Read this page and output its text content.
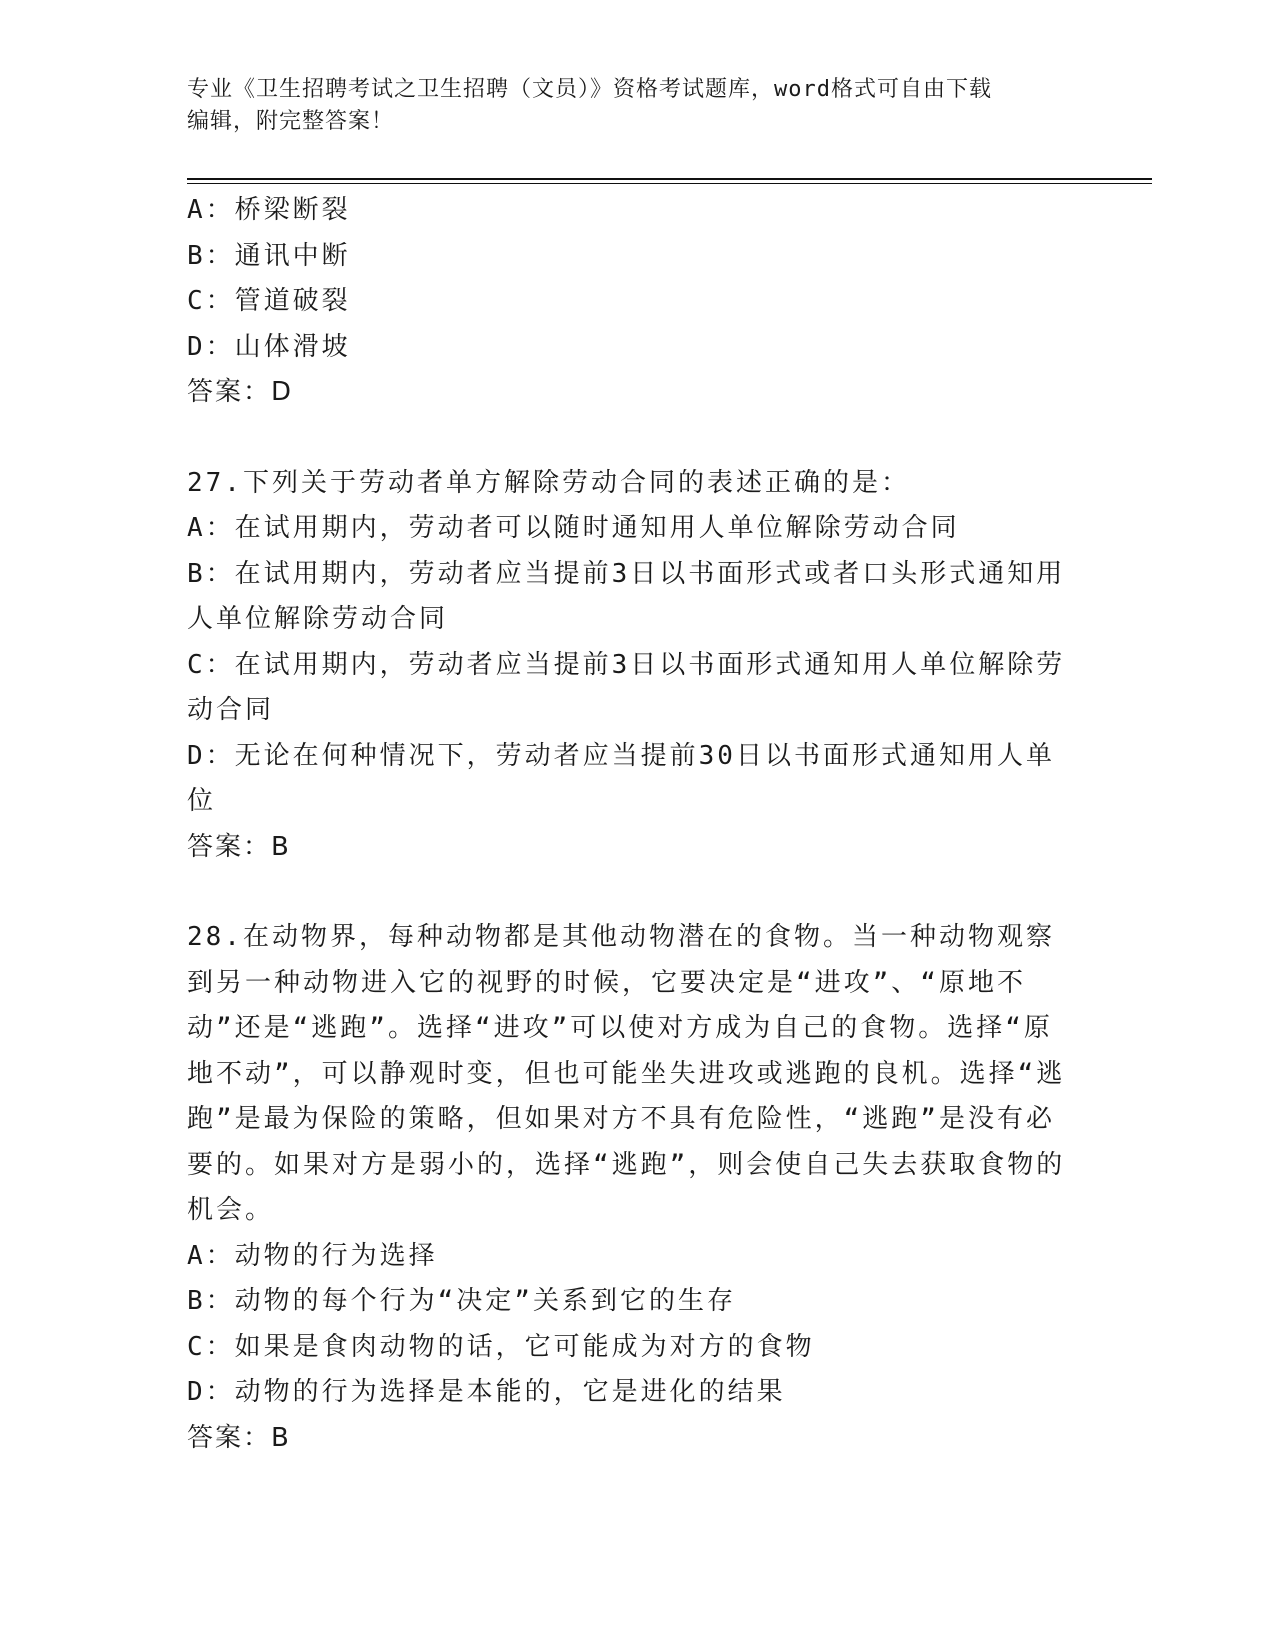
专业《卫生招聘考试之卫生招聘（文员）》资格考试题库，word格式可自由下载
编辑，附完整答案！

A：桥梁断裂

B：通讯中断

C：管道破裂

D：山体滑坡

答案：D

27.下列关于劳动者单方解除劳动合同的表述正确的是：

A：在试用期内，劳动者可以随时通知用人单位解除劳动合同

B：在试用期内，劳动者应当提前3日以书面形式或者口头形式通知用人单位解除劳动合同

C：在试用期内，劳动者应当提前3日以书面形式通知用人单位解除劳动合同

D：无论在何种情况下，劳动者应当提前30日以书面形式通知用人单位

答案：B

28.在动物界，每种动物都是其他动物潜在的食物。当一种动物观察到另一种动物进入它的视野的时候，它要决定是“进攻”、“原地不动”还是“逃跑”。选择“进攻”可以使对方成为自己的食物。选择“原地不动”，可以静观时变，但也可能坐失进攻或逃跑的良机。选择“逃跑”是最为保险的策略，但如果对方不具有危险性，“逃跑”是没有必要的。如果对方是弱小的，选择“逃跑”，则会使自己失去获取食物的机会。

A：动物的行为选择

B：动物的每个行为“决定”关系到它的生存

C：如果是食肉动物的话，它可能成为对方的食物

D：动物的行为选择是本能的，它是进化的结果

答案：B
